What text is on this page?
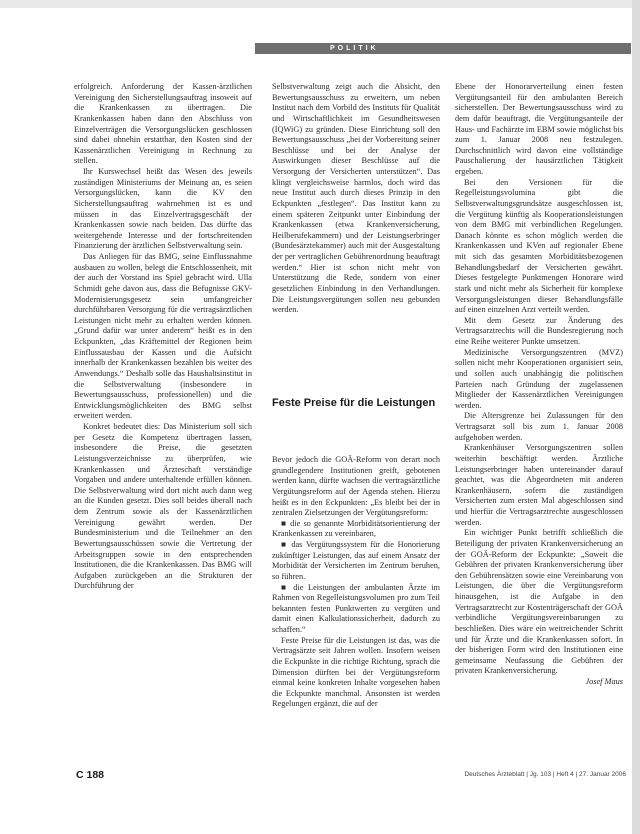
POLITIK

erfolgreich. Anforderung der Kassen-ärztlichen Vereinigung den Sicherstellungsauftrag insoweit auf die Krankenkassen zu übertragen. Die Krankenkassen haben dann den Abschluss von Einzelverträgen die Versorgungslücken geschlossen sind dabei ohnehin erstattbar, den Kosten sind der Kassenärztlichen Vereinigung in Rechnung zu stellen.

Ihr Kurswechsel heißt das Wesen des jeweils zuständigen Ministeriums der Meinung an, es seien Versorgungslücken, kann die KV den Sicherstellungsauftrag wahrnehmen ist es und müssen in das Einzelvertragsgeschäft der Krankenkassen sowie nach beiden. Das dürfte das weitergehende Interesse und der fortschreitenden Finanzierung der ärztlichen Selbstverwaltung sein.

Das Anliegen für das BMG, seine Einflussnahme ausbauen zu wollen, belegt die Entschlossenheit, mit der auch der Vorstand ins Spiel gebracht wird. Ulla Schmidt gehe davon aus, dass die Befugnisse GKV-Modernisierungsgesetz sein umfangreicher durchführbaren Versorgung für die vertragsärztlichen Leistungen nicht mehr zu erhalten werden können. „Grund dafür war unter anderem“ heißt es in den Eckpunkten, „das Kräftemittel der Regionen beim Einflussausbau der Kassen und die Aufsicht innerhalb der Krankenkassen bezahlen bis weiter des Anwendungs.“ Deshalb solle das Haushaltsinstitut in die Selbstverwaltung (insbesondere in Bewertungsausschuss, professionellen) und die Entwicklungsmöglichkeiten des BMG selbst erweitert werden.

Konkret bedeutet dies: Das Ministerium soll sich per Gesetz die Kompetenz übertragen lassen, insbesondere die Preise, die gesetzten Leistungsverzeichnisse zu überprüfen, wie Krankenkassen und Ärzteschaft verständige Vorgaben und andere unterhaltende erfüllen können. Die Selbstverwaltung wird dort nicht auch dann weg an die Kunden gesetzt. Dies soll beides überall nach dem Zentrum sowie als der Kassenärztlichen Vereinigung gewährt werden. Der Bundesministerium und die Teilnehmer an den Bewertungsausschüssen sowie die Vertretung der Arbeitsgruppen sowie in den entsprechenden Institutionen, die die Krankenkassen. Das BMG will Aufgaben zurückgeben an die Strukturen der Durchführung der

Selbstverwaltung zeigt auch die Absicht, den Bewertungsausschuss zu erweitern, um neben Institut nach dem Vorbild des Instituts für Qualität und Wirtschaftlichkeit im Gesundheitswesen (IQWiG) zu gründen. Diese Einrichtung soll den Bewertungsausschuss „bei der Vorbereitung seiner Beschlüsse und bei der Analyse der Auswirkungen dieser Beschlüsse auf die Versorgung der Versicherten unterstützen“. Das klingt vergleichsweise harmlos, doch wird das neue Institut auch durch dieses Prinzip in den Eckpunkten „festlegen“. Das Institut kann zu einem späteren Zeitpunkt unter Einbindung der Krankenkassen (etwa Krankenversicherung, Heilberufekammern) und der Leistungserbringer (Bundesärztekammer) auch mit der Ausgestaltung der per vertraglichen Gebührenordnung beauftragt werden.“ Hier ist schon nicht mehr von Unterstützung die Rede, sondern von einer gesetzlichen Einbindung in den Verhandlungen. Die Leistungsvergütungen sollen neu gebunden werden.

Feste Preise für die Leistungen

Bevor jedoch die GOÄ-Reform von derart noch grundlegendere Institutionen greift, gebotenen werden kann, dürfte wachsen die vertragsärztliche Vergütungsreform auf der Agenda stehen. Hierzu heißt es in den Eckpunkten: „Es bleibt bei der in zentralen Zielsetzungen der Vergütungsreform:

■ die so genannte Morbiditätsorientierung der Krankenkassen zu vereinbaren,

■ das Vergütungssystem für die Honorierung zukünftiger Leistungen, das auf einem Ansatz der Morbidität der Versicherten im Zentrum beruhen, so führen.

■ die Leistungen der ambulanten Ärzte im Rahmen von Regelleistungsvolumen pro zum Teil bekannten festen Punktwerten zu vergüten und damit einen Kalkulationssicherheit, dadurch zu schaffen.“

Feste Preise für die Leistungen ist das, was die Vertragsärzte seit Jahren wollen. Insofern weisen die Eckpunkte in die richtige Richtung, sprach die Dimension dürften bei der Vergütungsreform einmal keine konkreten Inhalte vorgesehen haben die Eckpunkte manchmal. Ansonsten ist werden Regelungen ergänzt, die auf der

Ebene der Honorarverteilung einen festen Vergütungsanteil für den ambulanten Bereich sicherstellen. Der Bewertungsausschuss wird zu dem dafür beauftragt, die Vergütungsanteile der Haus- und Fachärzte im EBM sowie möglichst bis zum 1. Januar 2008 neu festzulegen. Durchschnittlich wird davon eine vollständige Pauschalierung der hausärztlichen Tätigkeit ergeben.

Bei den Versionen für die Regelleistungsvolumina gibt die Selbstverwaltungsgrundsätze ausgeschlossen ist, die Vergütung künftig als Kooperationsleistungen von dem BMG mit verbindlichen Regelungen. Danach könnte es schon möglich werden die Krankenkassen und KVen auf regionaler Ebene mit sich das gesamten Morbiditätsbezogenen Behandlungsbedarf der Versicherten gewährt. Dieses festgelegte Punktmengen Honorare wird stark und nicht mehr als Sicherheit für komplexe Versorgungsleistungen dieser Behandlungsfälle auf einen einzelnen Arzt verteilt werden.

Mit dem Gesetz zur Änderung des Vertragsarztrechts will die Bundesregierung noch eine Reihe weiterer Punkte umsetzen.

Medizinische Versorgungszentren (MVZ) sollen nicht mehr Kooperationen organisiert sein, und sollen auch unabhängig die politischen Parteien nach Gründung der zugelassenen Mitglieder der Kassenärztlichen Vereinigungen werden.

Die Altersgrenze bei Zulassungen für den Vertragsarzt soll bis zum 1. Januar 2008 aufgehoben werden.

Krankenhäuser Versorgungszentren sollen weiterhin beschäftigt werden. Ärztliche Leistungserbringer haben untereinander darauf geachtet, was die Abgeordneten mit anderen Krankenhäusern, sofern die zuständigen Versicherten zum ersten Mal abgeschlossen sind und hierfür die Vertragsarztrechte ausgeschlossen werden.

Ein wichtiger Punkt betrifft schließlich die Beteiligung der privaten Krankenversicherung an der GOÄ-Reform der Eckpunkte: „Soweit die Gebühren der privaten Krankenversicherung über den Gebührensätzen sowie eine Vereinbarung von Leistungen, die über die Vergütungsreform hinausgehen, ist die Aufgabe in den Vertragsarztrecht zur Kostenträgerschaft der GOÄ verbindliche Vergütungsvereinbarungen zu beschließen. Dies wäre ein weitreichender Schritt und für Ärzte und die Krankenkassen sofort. In der bisherigen Form wird den Institutionen eine gemeinsame Neufassung die Gebühren der privaten Krankenversicherung.

Josef Maus

C 188	Deutsches Ärzteblatt | Jg. 103 | Heft 4 | 27. Januar 2006
